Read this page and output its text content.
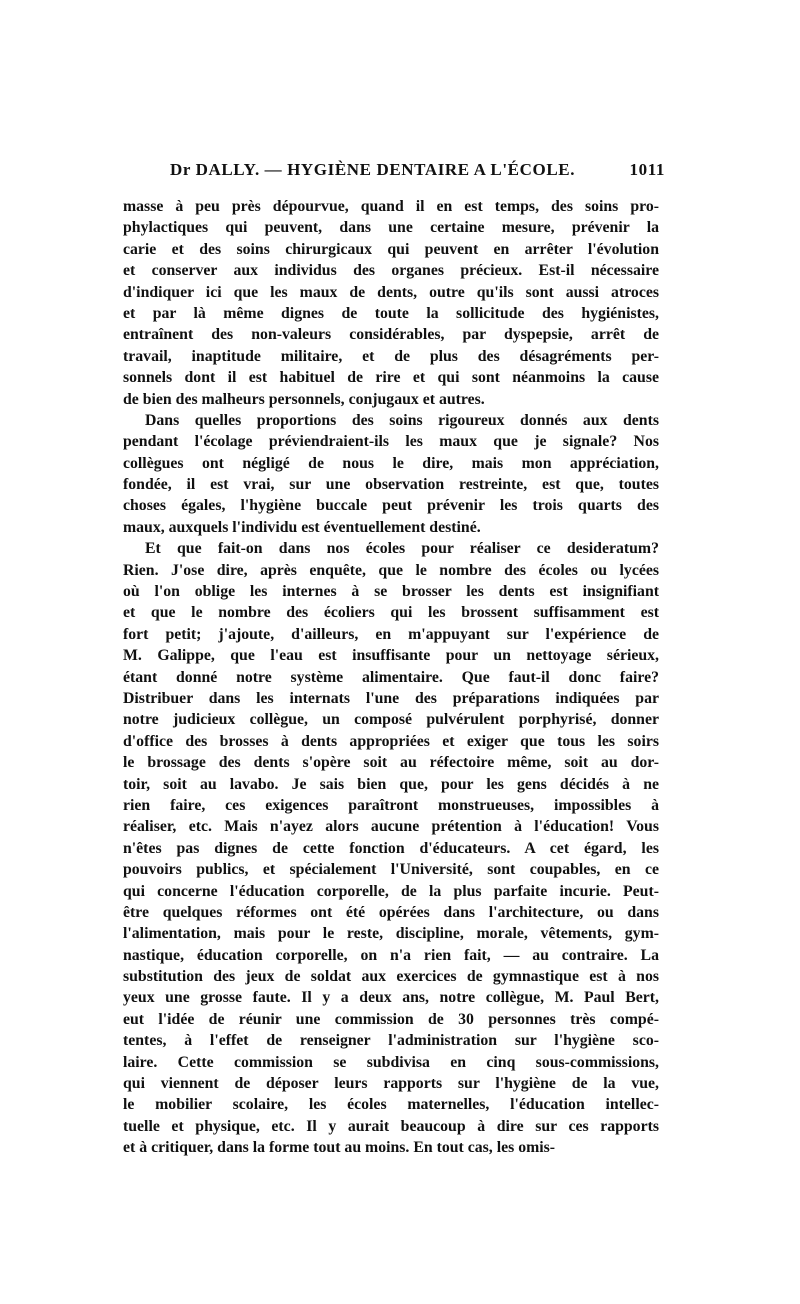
Dr DALLY. — HYGIÈNE DENTAIRE A L'ÉCOLE.	1011
masse à peu près dépourvue, quand il en est temps, des soins pro-
phylactiques qui peuvent, dans une certaine mesure, prévenir la
carie et des soins chirurgicaux qui peuvent en arrêter l'évolution
et conserver aux individus des organes précieux. Est-il nécessaire
d'indiquer ici que les maux de dents, outre qu'ils sont aussi atroces
et par là même dignes de toute la sollicitude des hygiénistes,
entraînent des non-valeurs considérables, par dyspepsie, arrêt de
travail, inaptitude militaire, et de plus des désagréments per-
sonnels dont il est habituel de rire et qui sont néanmoins la cause
de bien des malheurs personnels, conjugaux et autres.
Dans quelles proportions des soins rigoureux donnés aux dents
pendant l'écolage préviendraient-ils les maux que je signale? Nos
collègues ont négligé de nous le dire, mais mon appréciation,
fondée, il est vrai, sur une observation restreinte, est que, toutes
choses égales, l'hygiène buccale peut prévenir les trois quarts des
maux, auxquels l'individu est éventuellement destiné.
Et que fait-on dans nos écoles pour réaliser ce desideratum?
Rien. J'ose dire, après enquête, que le nombre des écoles ou lycées
où l'on oblige les internes à se brosser les dents est insignifiant
et que le nombre des écoliers qui les brossent suffisamment est
fort petit; j'ajoute, d'ailleurs, en m'appuyant sur l'expérience de
M. Galippe, que l'eau est insuffisante pour un nettoyage sérieux,
étant donné notre système alimentaire. Que faut-il donc faire?
Distribuer dans les internats l'une des préparations indiquées par
notre judicieux collègue, un composé pulvérulent porphyrisé, donner
d'office des brosses à dents appropriées et exiger que tous les soirs
le brossage des dents s'opère soit au réfectoire même, soit au dor-
toir, soit au lavabo. Je sais bien que, pour les gens décidés à ne
rien faire, ces exigences paraîtront monstrueuses, impossibles à
réaliser, etc. Mais n'ayez alors aucune prétention à l'éducation! Vous
n'êtes pas dignes de cette fonction d'éducateurs. A cet égard, les
pouvoirs publics, et spécialement l'Université, sont coupables, en ce
qui concerne l'éducation corporelle, de la plus parfaite incurie. Peut-
être quelques réformes ont été opérées dans l'architecture, ou dans
l'alimentation, mais pour le reste, discipline, morale, vêtements, gym-
nastique, éducation corporelle, on n'a rien fait, — au contraire. La
substitution des jeux de soldat aux exercices de gymnastique est à nos
yeux une grosse faute. Il y a deux ans, notre collègue, M. Paul Bert,
eut l'idée de réunir une commission de 30 personnes très compé-
tentes, à l'effet de renseigner l'administration sur l'hygiène sco-
laire. Cette commission se subdivisa en cinq sous-commissions,
qui viennent de déposer leurs rapports sur l'hygiène de la vue,
le mobilier scolaire, les écoles maternelles, l'éducation intellec-
tuelle et physique, etc. Il y aurait beaucoup à dire sur ces rapports
et à critiquer, dans la forme tout au moins. En tout cas, les omis-
